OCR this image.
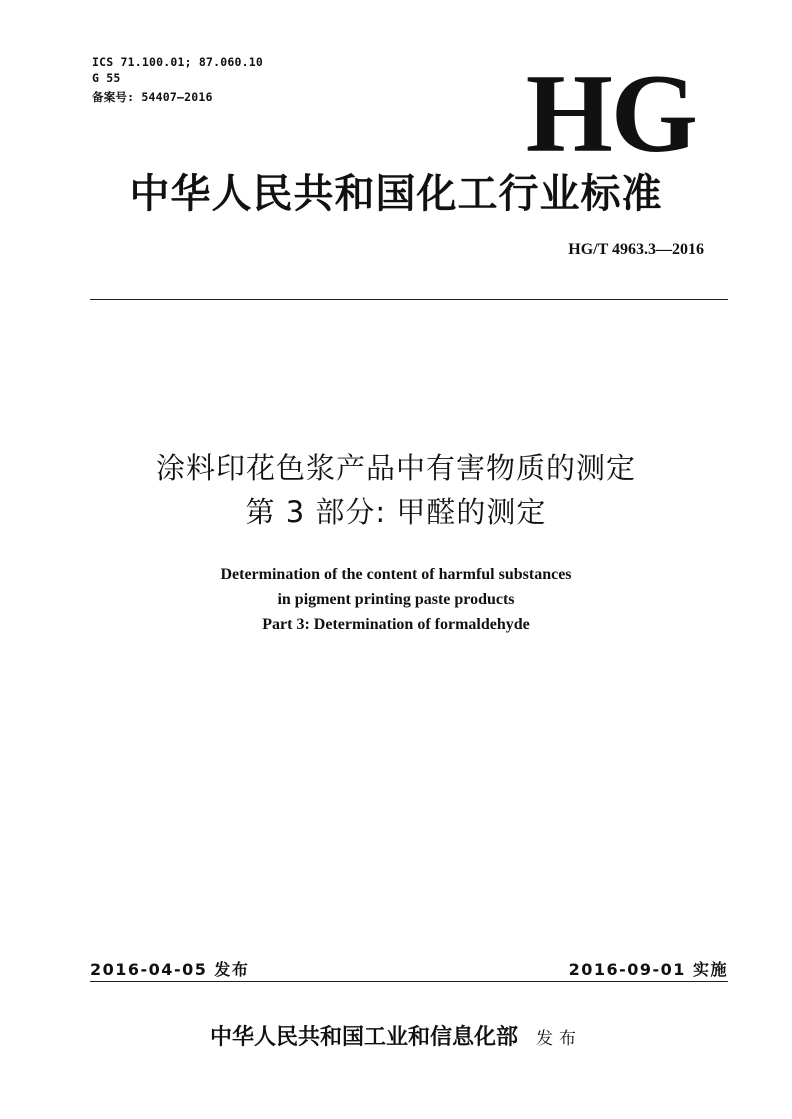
ICS 71.100.01; 87.060.10
G 55
备案号: 54407—2016	HG
中华人民共和国化工行业标准
HG/T 4963.3—2016
涂料印花色浆产品中有害物质的测定
第 3 部分: 甲醛的测定
Determination of the content of harmful substances
in pigment printing paste products
Part 3: Determination of formaldehyde
2016-04-05 发布	2016-09-01 实施
中华人民共和国工业和信息化部 发布
